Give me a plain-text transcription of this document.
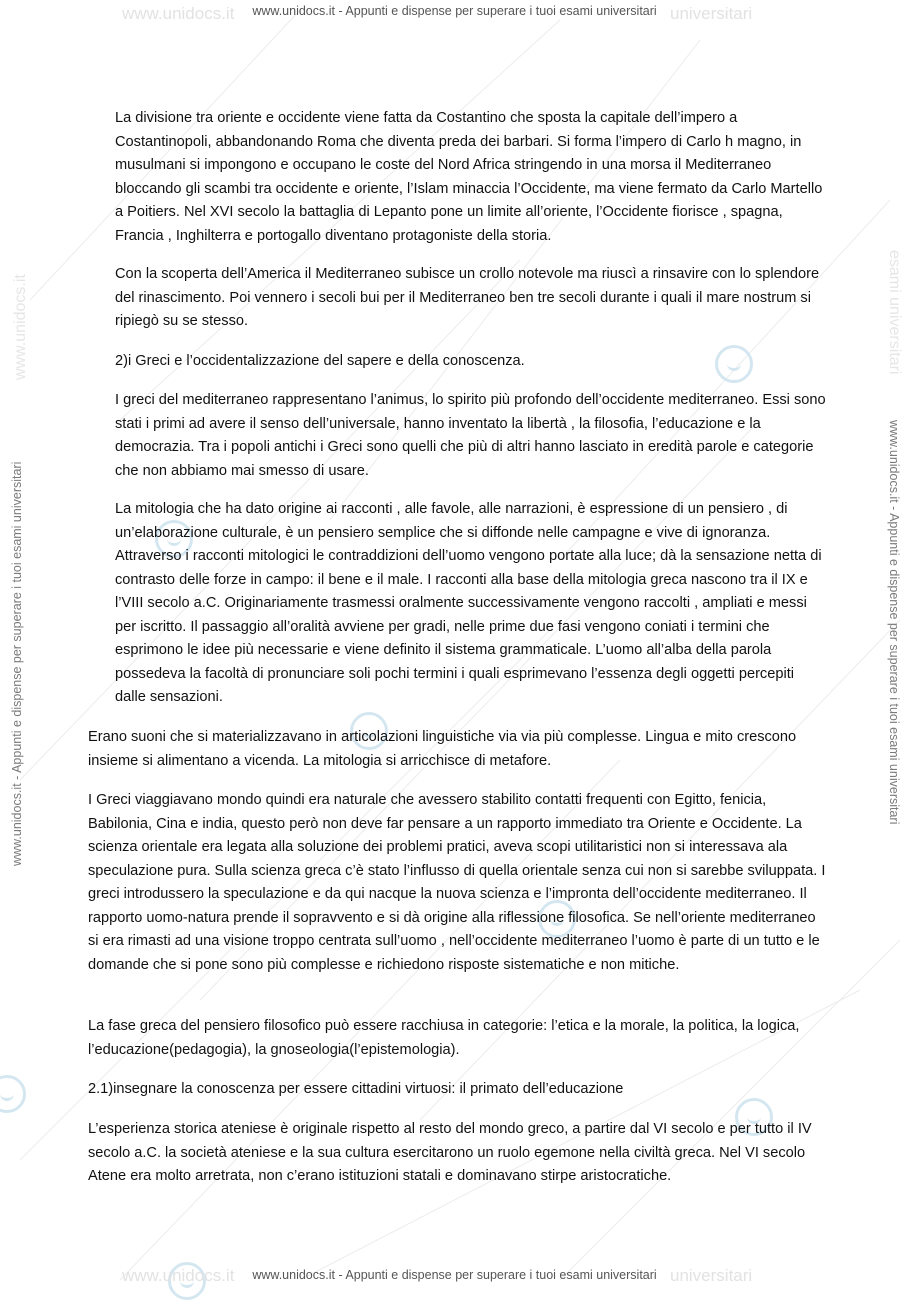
www.unidocs.it	universitari
www.unidocs.it - Appunti e dispense per superare i tuoi esami universitari
www.unidocs.it
www.unidocs.it - Appunti e dispense per superare i tuoi esami universitari
esami universitari
www.unidocs.it - Appunti e dispense per superare i tuoi esami universitari

La divisione tra oriente e occidente viene fatta da Costantino che sposta la capitale dell’impero a Costantinopoli, abbandonando Roma che diventa preda dei barbari. Si forma l’impero di Carlo h magno, in musulmani si impongono e occupano le coste del Nord Africa stringendo in una morsa il Mediterraneo bloccando gli scambi tra occidente e oriente, l’Islam minaccia l’Occidente, ma viene fermato da Carlo Martello a Poitiers. Nel XVI secolo la battaglia di Lepanto pone un limite all’oriente, l’Occidente fiorisce , spagna, Francia , Inghilterra e portogallo diventano protagoniste della storia.

Con la scoperta dell’America il Mediterraneo subisce un crollo notevole ma riuscì a rinsavire con lo splendore del rinascimento. Poi vennero i secoli bui per il Mediterraneo ben tre secoli durante i quali il mare nostrum si ripiegò su se stesso.

2)i Greci e l’occidentalizzazione del sapere e della conoscenza.

I greci del mediterraneo rappresentano l’animus, lo spirito più profondo dell’occidente mediterraneo. Essi sono stati i primi ad avere il senso dell’universale, hanno inventato la libertà , la filosofia, l’educazione e la democrazia. Tra i popoli antichi i Greci sono quelli che più di altri hanno lasciato in eredità parole e categorie che non abbiamo mai smesso di usare.

La mitologia che ha dato origine ai racconti , alle favole, alle narrazioni, è espressione di un pensiero , di un’elaborazione culturale, è un pensiero semplice che si diffonde nelle campagne e vive di ignoranza. Attraverso i racconti mitologici le contraddizioni dell’uomo vengono portate alla luce; dà la sensazione netta di contrasto delle forze in campo: il bene e il male. I racconti alla base della mitologia greca nascono tra il IX e l’VIII secolo a.C. Originariamente trasmessi oralmente successivamente vengono raccolti , ampliati e messi per iscritto. Il passaggio all’oralità avviene per gradi, nelle prime due fasi vengono coniati i termini che esprimono le idee più necessarie e viene definito il sistema grammaticale. L’uomo all’alba della parola possedeva la facoltà di pronunciare soli pochi termini i quali esprimevano l’essenza degli oggetti percepiti dalle sensazioni.

Erano suoni che si materializzavano in articolazioni linguistiche via via più complesse. Lingua e mito crescono insieme si alimentano a vicenda. La mitologia si arricchisce di metafore.

I Greci viaggiavano mondo quindi era naturale che avessero stabilito contatti frequenti con Egitto, fenicia, Babilonia, Cina e india, questo però non deve far pensare a un rapporto immediato tra Oriente e Occidente. La scienza orientale era legata alla soluzione dei problemi pratici, aveva scopi utilitaristici non si interessava ala speculazione pura. Sulla scienza greca c’è stato l’influsso di quella orientale senza cui non si sarebbe sviluppata. I greci introdussero la speculazione e da qui nacque la nuova scienza e l’impronta dell’occidente mediterraneo. Il rapporto uomo-natura prende il sopravvento e si dà origine alla riflessione filosofica. Se nell’oriente mediterraneo si era rimasti ad una visione troppo centrata sull’uomo , nell’occidente mediterraneo l’uomo è parte di un tutto e le domande che si pone sono più complesse e richiedono risposte sistematiche e non mitiche.

La fase greca del pensiero filosofico può essere racchiusa in categorie: l’etica e la morale, la politica, la logica, l’educazione(pedagogia), la gnoseologia(l’epistemologia).

2.1)insegnare la conoscenza per essere cittadini virtuosi: il primato dell’educazione

L’esperienza storica ateniese è originale rispetto al resto del mondo greco, a partire dal VI secolo e per tutto il IV secolo a.C. la società ateniese e la sua cultura esercitarono un ruolo egemone nella civiltà greca. Nel VI secolo Atene era molto arretrata, non c’erano istituzioni statali e dominavano stirpe aristocratiche.

www.unidocs.it	universitari
www.unidocs.it - Appunti e dispense per superare i tuoi esami universitari
